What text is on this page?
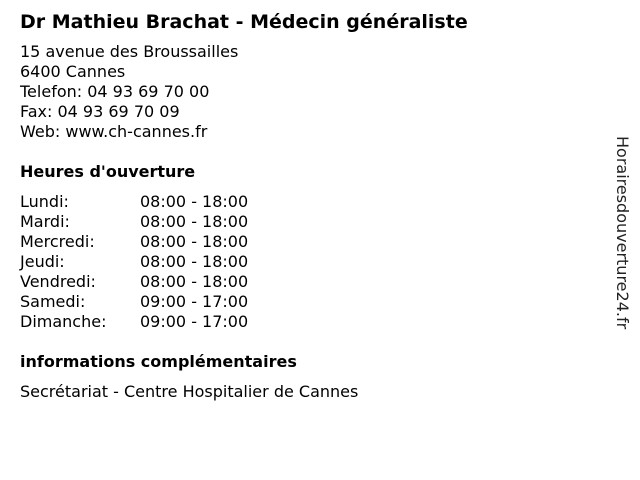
Dr Mathieu Brachat - Médecin généraliste
15 avenue des Broussailles
6400 Cannes
Telefon: 04 93 69 70 00
Fax: 04 93 69 70 09
Web: www.ch-cannes.fr
Heures d'ouverture
Lundi:	08:00 - 18:00
Mardi:	08:00 - 18:00
Mercredi:	08:00 - 18:00
Jeudi:	08:00 - 18:00
Vendredi:	08:00 - 18:00
Samedi:	09:00 - 17:00
Dimanche:	09:00 - 17:00
informations complémentaires
Secrétariat - Centre Hospitalier de Cannes
Horairesdouverture24.fr
